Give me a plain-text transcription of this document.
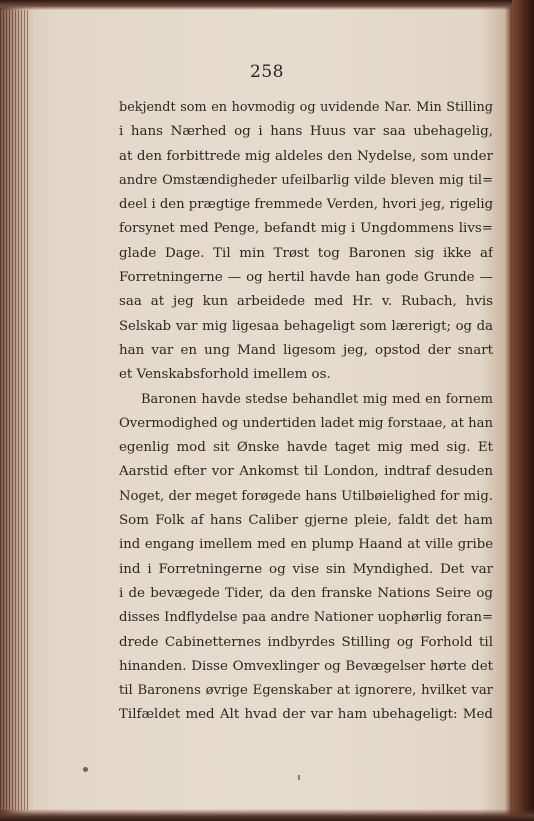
258
bekjendt som en hovmodig og uvidende Nar. Min Stilling
i hans Nærhed og i hans Huus var saa ubehagelig,
at den forbittrede mig aldeles den Nydelse, som under
andre Omstændigheder ufeilbarlig vilde bleven mig til=
deel i den prægtige fremmede Verden, hvori jeg, rigelig
forsynet med Penge, befandt mig i Ungdommens livs=
glade Dage. Til min Trøst tog Baronen sig ikke af
Forretningerne — og hertil havde han gode Grunde —
saa at jeg kun arbeidede med Hr. v. Rubach, hvis
Selskab var mig ligesaa behageligt som lærerigt; og da
han var en ung Mand ligesom jeg, opstod der snart
et Venskabsforhold imellem os.
Baronen havde stedse behandlet mig med en fornem
Overmodighed og undertiden ladet mig forstaae, at han
egenlig mod sit Ønske havde taget mig med sig. Et
Aarstid efter vor Ankomst til London, indtraf desuden
Noget, der meget forøgede hans Utilbøielighed for mig.
Som Folk af hans Caliber gjerne pleie, faldt det ham
ind engang imellem med en plump Haand at ville gribe
ind i Forretningerne og vise sin Myndighed. Det var
i de bevægede Tider, da den franske Nations Seire og
disses Indflydelse paa andre Nationer uophørlig foran=
drede Cabinetternes indbyrdes Stilling og Forhold til
hinanden. Disse Omvexlinger og Bevægelser hørte det
til Baronens øvrige Egenskaber at ignorere, hvilket var
Tilfældet med Alt hvad der var ham ubehageligt: Med
